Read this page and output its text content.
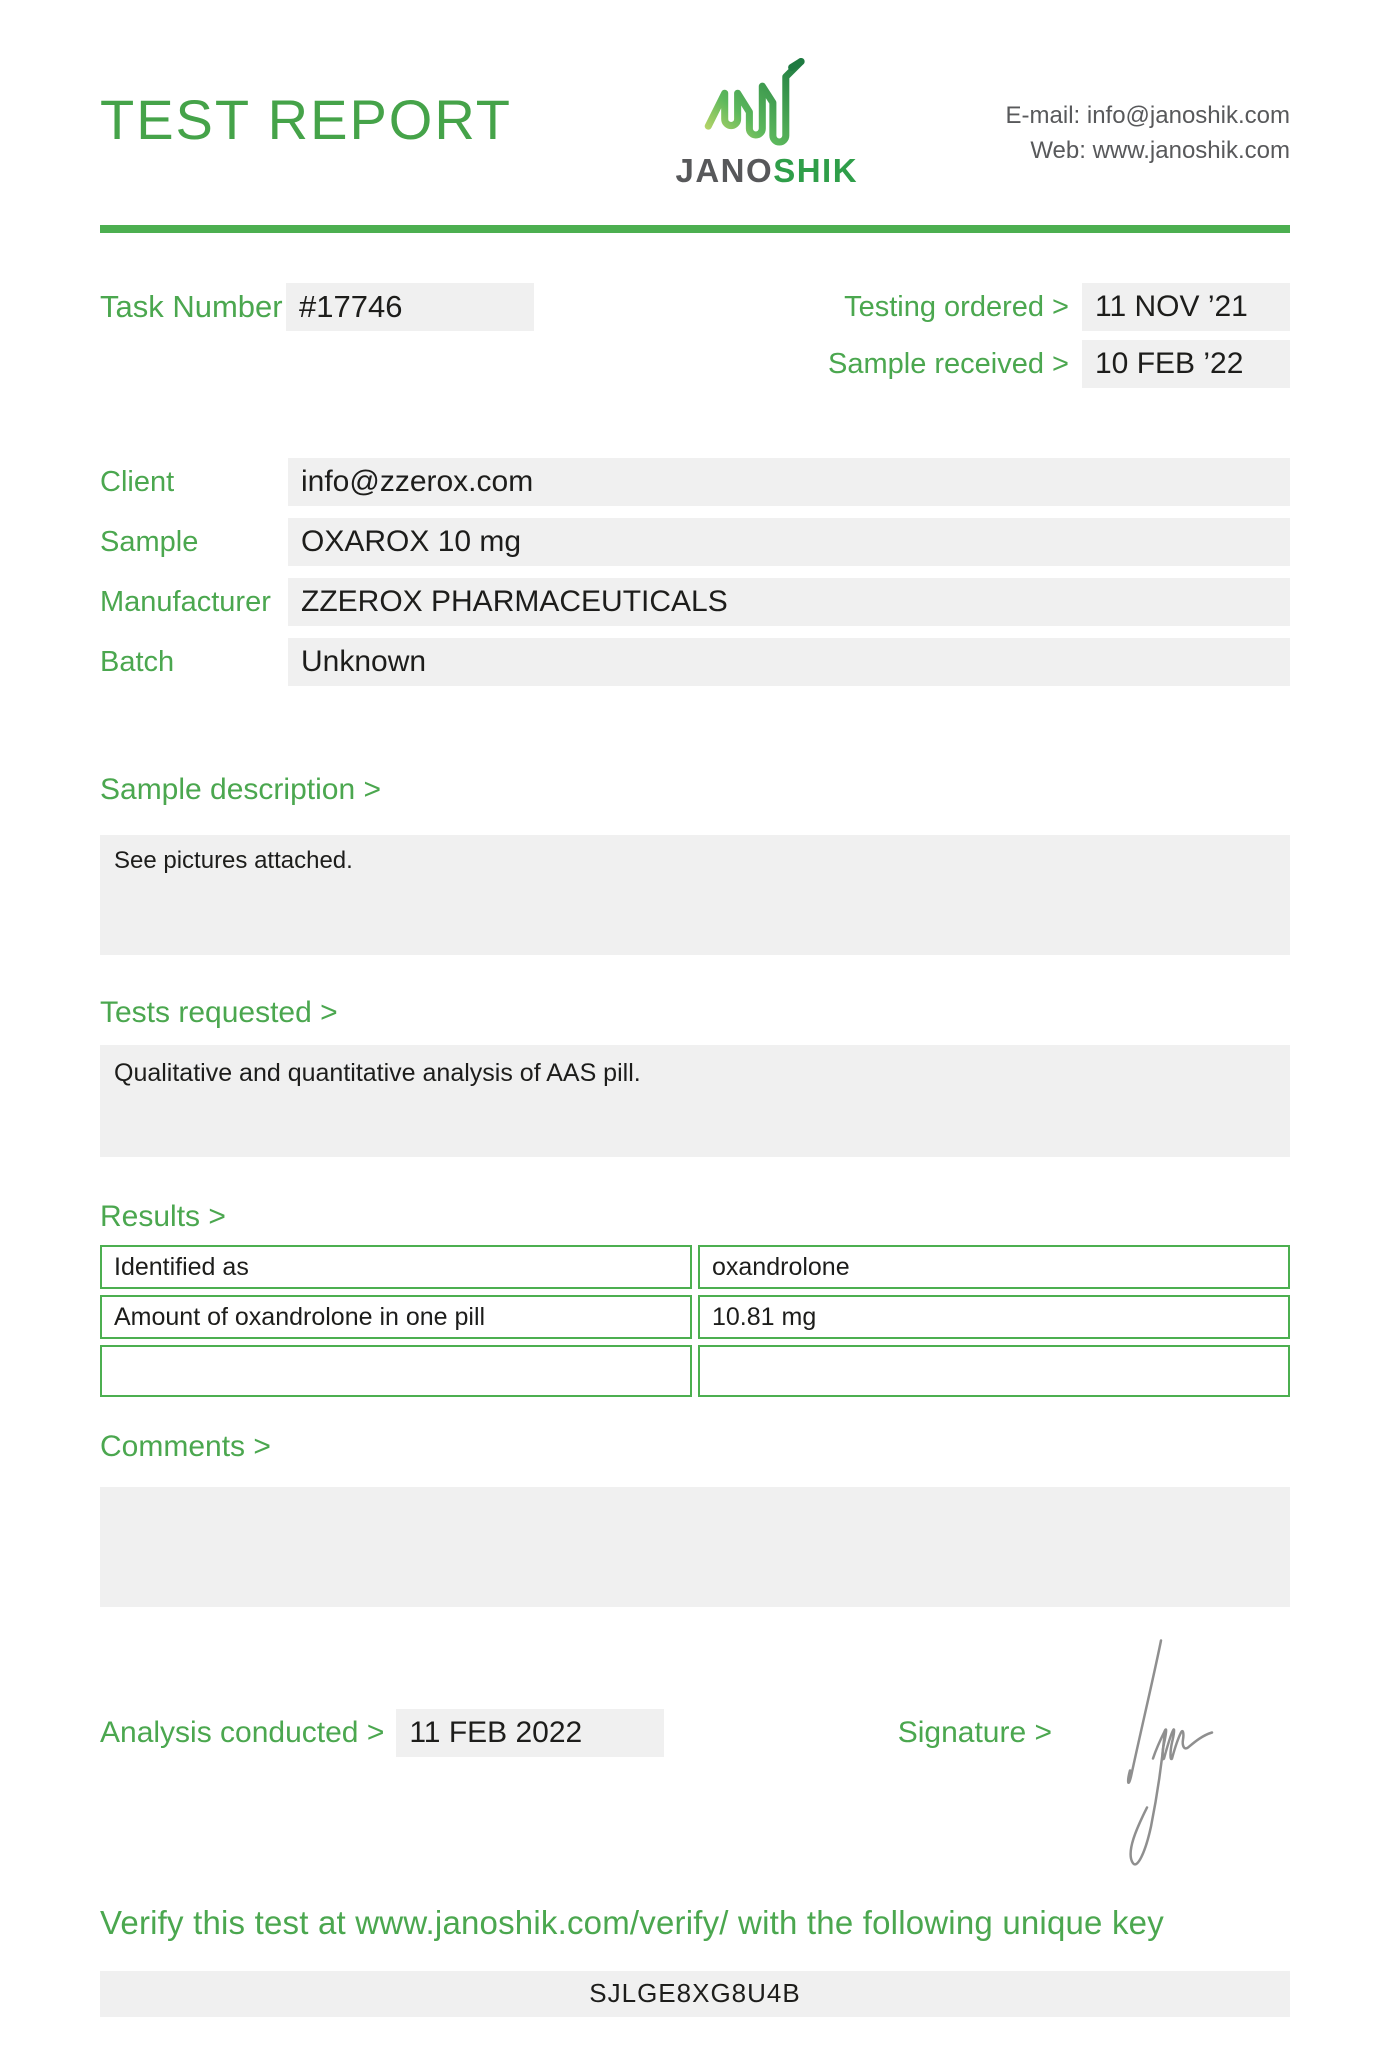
TEST REPORT
JANOSHIK
E-mail: info@janoshik.com
Web: www.janoshik.com
Task Number #17746	Testing ordered > 11 NOV ’21
Sample received > 10 FEB ’22
Client	info@zzerox.com
Sample	OXAROX 10 mg
Manufacturer	ZZEROX PHARMACEUTICALS
Batch	Unknown
Sample description >
See pictures attached.
Tests requested >
Qualitative and quantitative analysis of AAS pill.
Results >
Identified as	oxandrolone
Amount of oxandrolone in one pill	10.81 mg

Comments >
Analysis conducted > 11 FEB 2022	Signature >
Verify this test at www.janoshik.com/verify/ with the following unique key
SJLGE8XG8U4B
